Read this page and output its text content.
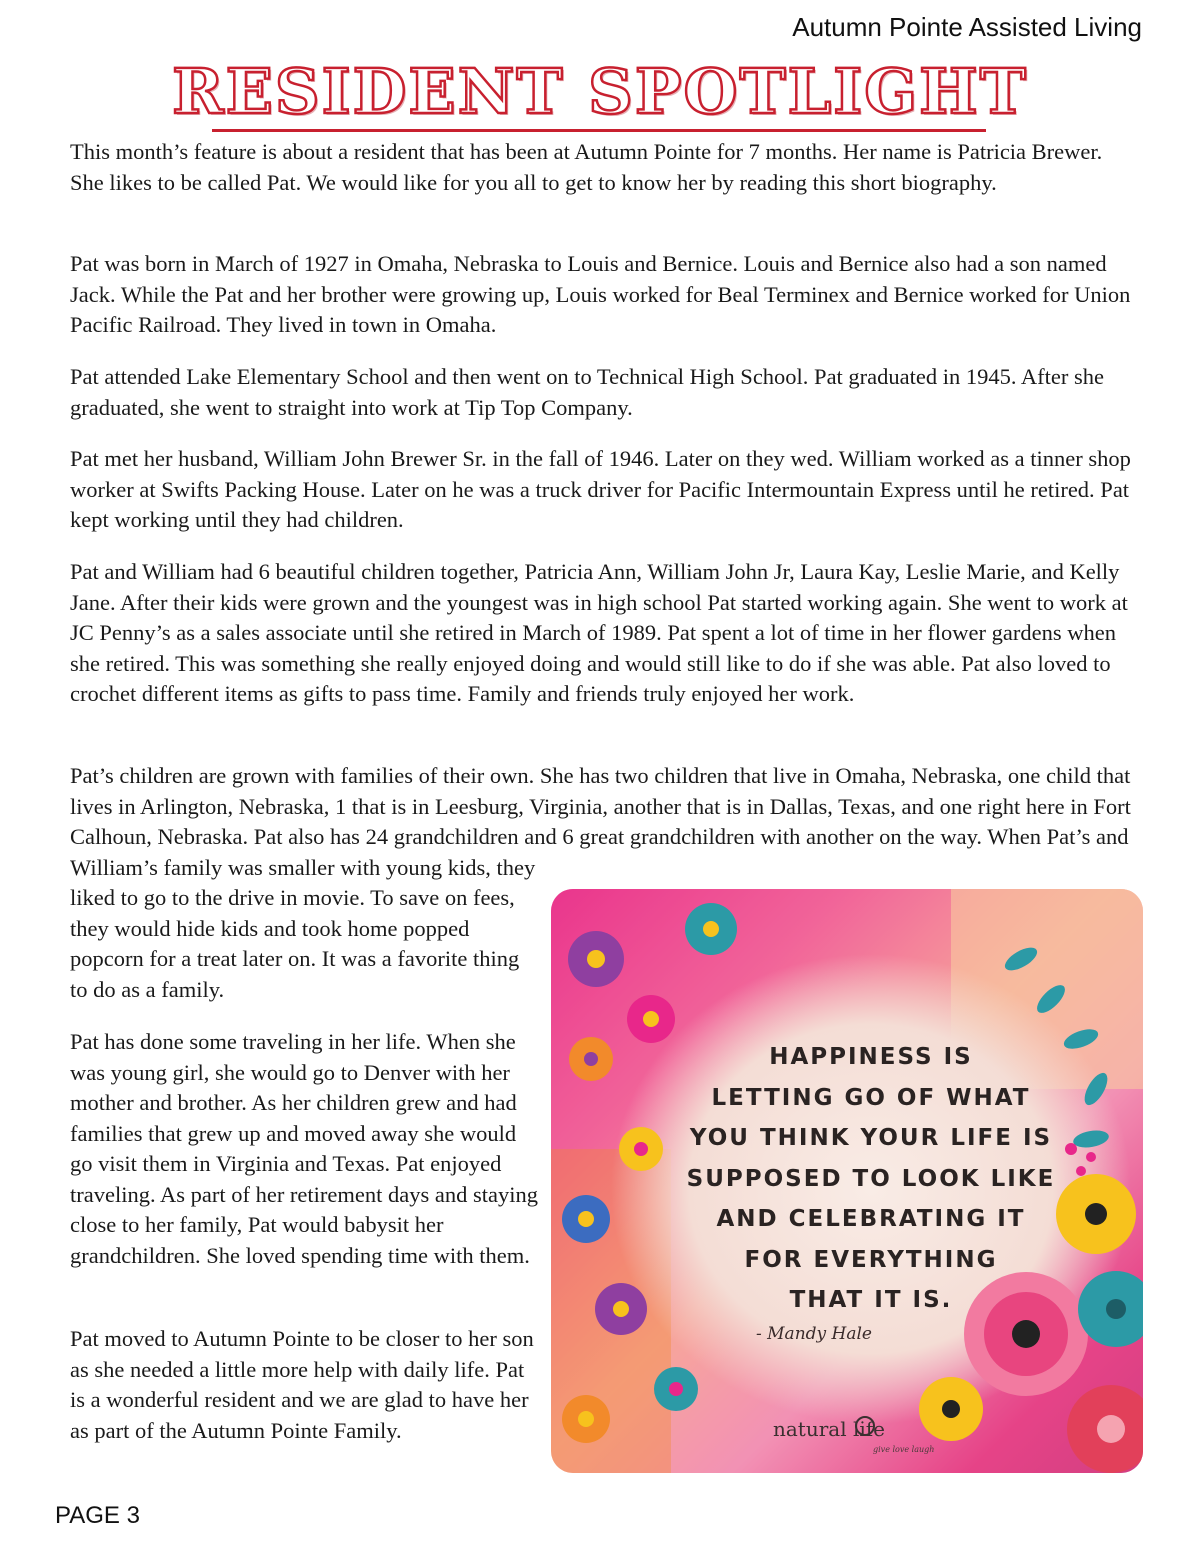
Autumn Pointe Assisted Living
RESIDENT SPOTLIGHT

This month’s feature is about a resident that has been at Autumn Pointe for 7 months. Her name is Patricia Brewer. She likes to be called Pat. We would like for you all to get to know her by reading this short biography.

Pat was born in March of 1927 in Omaha, Nebraska to Louis and Bernice. Louis and Bernice also had a son named Jack. While the Pat and her brother were growing up, Louis worked for Beal Terminex and Bernice worked for Union Pacific Railroad. They lived in town in Omaha.

Pat attended Lake Elementary School and then went on to Technical High School. Pat graduated in 1945. After she graduated, she went to straight into work at Tip Top Company.

Pat met her husband, William John Brewer Sr. in the fall of 1946. Later on they wed. William worked as a tinner shop worker at Swifts Packing House. Later on he was a truck driver for Pacific Intermountain Express until he retired. Pat kept working until they had children.

Pat and William had 6 beautiful children together, Patricia Ann, William John Jr, Laura Kay, Leslie Marie, and Kelly Jane. After their kids were grown and the youngest was in high school Pat started working again. She went to work at JC Penny’s as a sales associate until she retired in March of 1989. Pat spent a lot of time in her flower gardens when she retired. This was something she really enjoyed doing and would still like to do if she was able. Pat also loved to crochet different items as gifts to pass time. Family and friends truly enjoyed her work.

Pat’s children are grown with families of their own. She has two children that live in Omaha, Nebraska, one child that lives in Arlington, Nebraska, 1 that is in Leesburg, Virginia, another that is in Dallas, Texas, and one right here in Fort Calhoun, Nebraska. Pat also has 24 grandchildren and 6 great grandchildren with another on the way. When Pat’s and William’s family was smaller with young kids, they

liked to go to the drive in movie. To save on fees, they would hide kids and took home popped popcorn for a treat later on. It was a favorite thing to do as a family.

Pat has done some traveling in her life. When she was young girl, she would go to Denver with her mother and brother. As her children grew and had families that grew up and moved away she would go visit them in Virginia and Texas. Pat enjoyed traveling. As part of her retirement days and staying close to her family, Pat would babysit her grandchildren. She loved spending time with them.

Pat moved to Autumn Pointe to be closer to her son as she needed a little more help with daily life. Pat is a wonderful resident and we are glad to have her as part of the Autumn Pointe Family.

HAPPINESS IS
LETTING GO OF WHAT
YOU THINK YOUR LIFE IS
SUPPOSED TO LOOK LIKE
AND CELEBRATING IT
FOR EVERYTHING
THAT IT IS.

- Mandy Hale
natural life
give love laugh
PAGE 3
